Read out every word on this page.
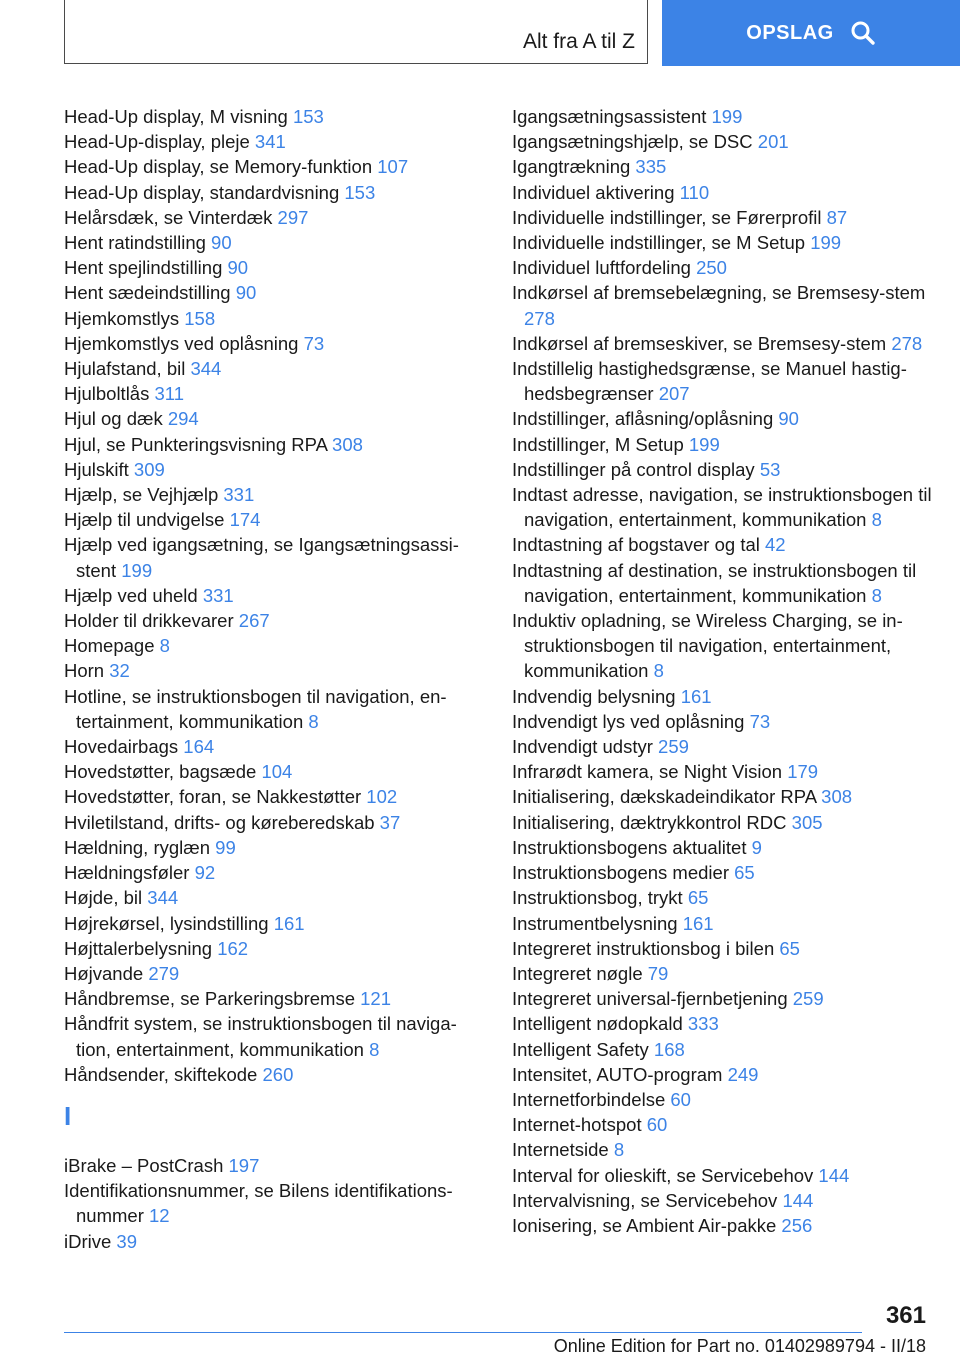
Alt fra A til Z	OPSLAG

Head-Up display, M visning 153

Head-Up-display, pleje 341

Head-Up display, se Memory-funktion 107

Head-Up display, standardvisning 153

Helårsdæk, se Vinterdæk 297

Hent ratindstilling 90

Hent spejlindstilling 90

Hent sædeindstilling 90

Hjemkomstlys 158

Hjemkomstlys ved oplåsning 73

Hjulafstand, bil 344

Hjulboltlås 311

Hjul og dæk 294

Hjul, se Punkteringsvisning RPA 308

Hjulskift 309

Hjælp, se Vejhjælp 331

Hjælp til undvigelse 174

Hjælp ved igangsætning, se Igangsætningsassi‐stent 199

Hjælp ved uheld 331

Holder til drikkevarer 267

Homepage 8

Horn 32

Hotline, se instruktionsbogen til navigation, en‐tertainment, kommunikation 8

Hovedairbags 164

Hovedstøtter, bagsæde 104

Hovedstøtter, foran, se Nakkestøtter 102

Hviletilstand, drifts- og køreberedskab 37

Hældning, ryglæn 99

Hældningsføler 92

Højde, bil 344

Højrekørsel, lysindstilling 161

Højttalerbelysning 162

Højvande 279

Håndbremse, se Parkeringsbremse 121

Håndfrit system, se instruktionsbogen til naviga‐tion, entertainment, kommunikation 8

Håndsender, skiftekode 260

I

iBrake – PostCrash 197

Identifikationsnummer, se Bilens identifikations‐nummer 12

iDrive 39

Igangsætningsassistent 199

Igangsætningshjælp, se DSC 201

Igangtrækning 335

Individuel aktivering 110

Individuelle indstillinger, se Førerprofil 87

Individuelle indstillinger, se M Setup 199

Individuel luftfordeling 250

Indkørsel af bremsebelægning, se Bremsesy‐stem 278

Indkørsel af bremseskiver, se Bremsesy‐stem 278

Indstillelig hastighedsgrænse, se Manuel hastig‐hedsbegrænser 207

Indstillinger, aflåsning/oplåsning 90

Indstillinger, M Setup 199

Indstillinger på control display 53

Indtast adresse, navigation, se instruktionsbogen til navigation, entertainment, kommunikation 8

Indtastning af bogstaver og tal 42

Indtastning af destination, se instruktionsbogen til navigation, entertainment, kommunikation 8

Induktiv opladning, se Wireless Charging, se in‐struktionsbogen til navigation, entertainment, kommunikation 8

Indvendig belysning 161

Indvendigt lys ved oplåsning 73

Indvendigt udstyr 259

Infrarødt kamera, se Night Vision 179

Initialisering, dækskadeindikator RPA 308

Initialisering, dæktrykkontrol RDC 305

Instruktionsbogens aktualitet 9

Instruktionsbogens medier 65

Instruktionsbog, trykt 65

Instrumentbelysning 161

Integreret instruktionsbog i bilen 65

Integreret nøgle 79

Integreret universal-fjernbetjening 259

Intelligent nødopkald 333

Intelligent Safety 168

Intensitet, AUTO-program 249

Internetforbindelse 60

Internet-hotspot 60

Internetside 8

Interval for olieskift, se Servicebehov 144

Intervalvisning, se Servicebehov 144

Ionisering, se Ambient Air-pakke 256

361
Online Edition for Part no. 01402989794 - II/18
